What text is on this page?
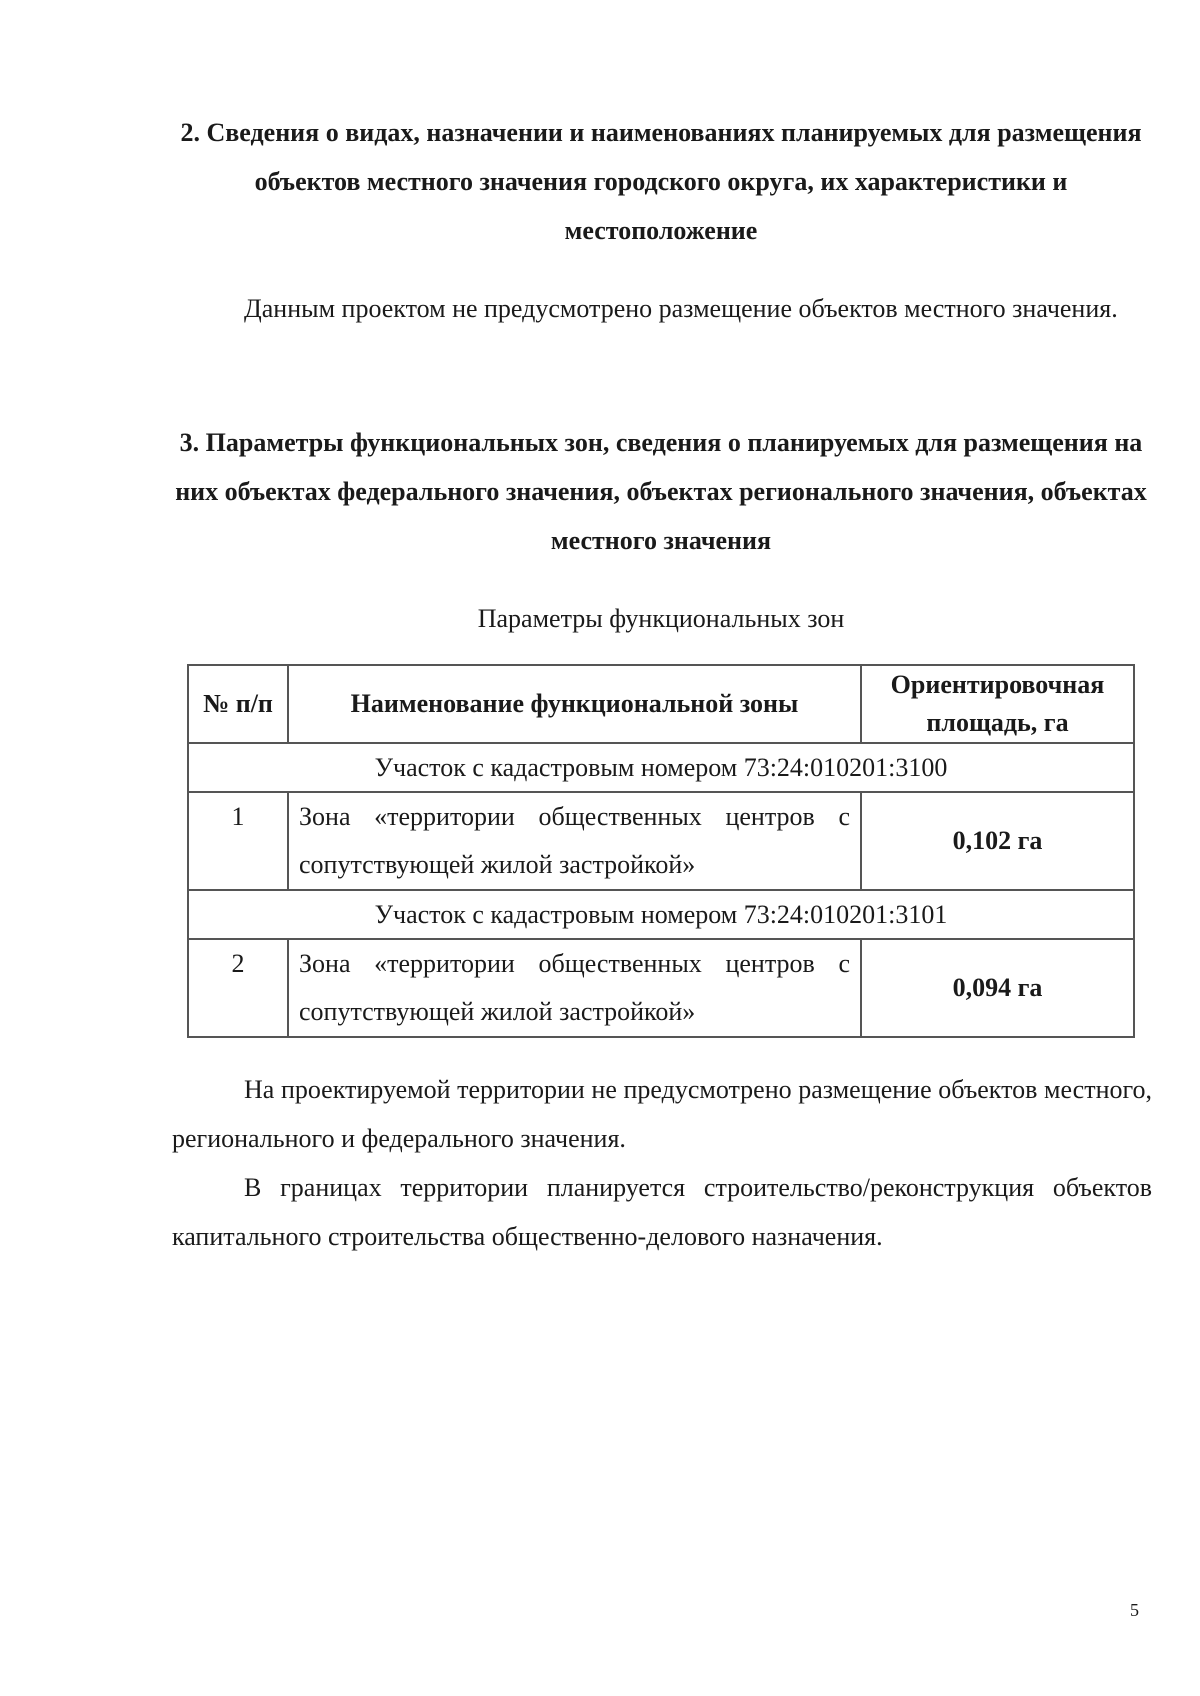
2. Сведения о видах, назначении и наименованиях планируемых для размещения объектов местного значения городского округа, их характеристики и местоположение

Данным проектом не предусмотрено размещение объектов местного значения.

3. Параметры функциональных зон, сведения о планируемых для размещения на них объектах федерального значения, объектах регионального значения, объектах местного значения

Параметры функциональных зон

№ п/п	Наименование функциональной зоны	Ориентировочная площадь, га
Участок с кадастровым номером 73:24:010201:3100		
1	Зона «территории общественных центров с сопутствующей жилой застройкой»	0,102 га
Участок с кадастровым номером 73:24:010201:3101		
2	Зона «территории общественных центров с сопутствующей жилой застройкой»	0,094 га

На проектируемой территории не предусмотрено размещение объектов местного, регионального и федерального значения.

В границах территории планируется строительство/реконструкция объектов капитального строительства общественно-делового назначения.

5
